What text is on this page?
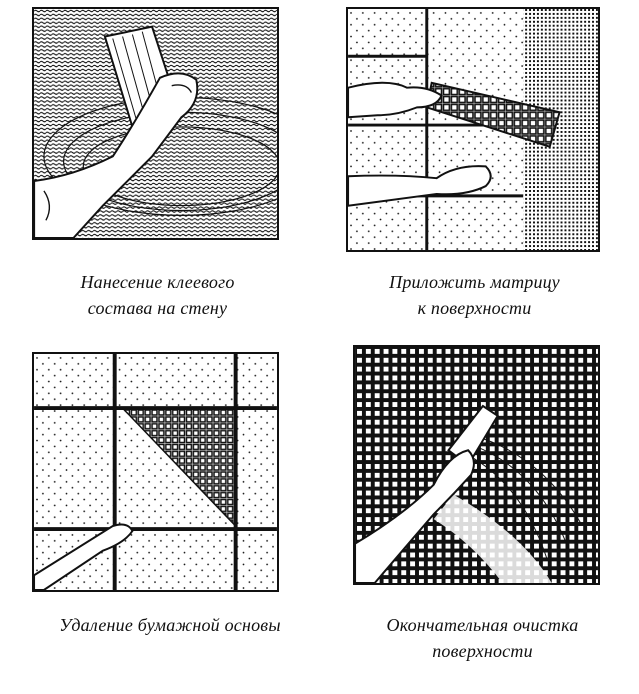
Нанесение клеевого
состава на стену
Приложить матрицу
к поверхности
Удаление бумажной основы	Окончательная очистка
поверхности
